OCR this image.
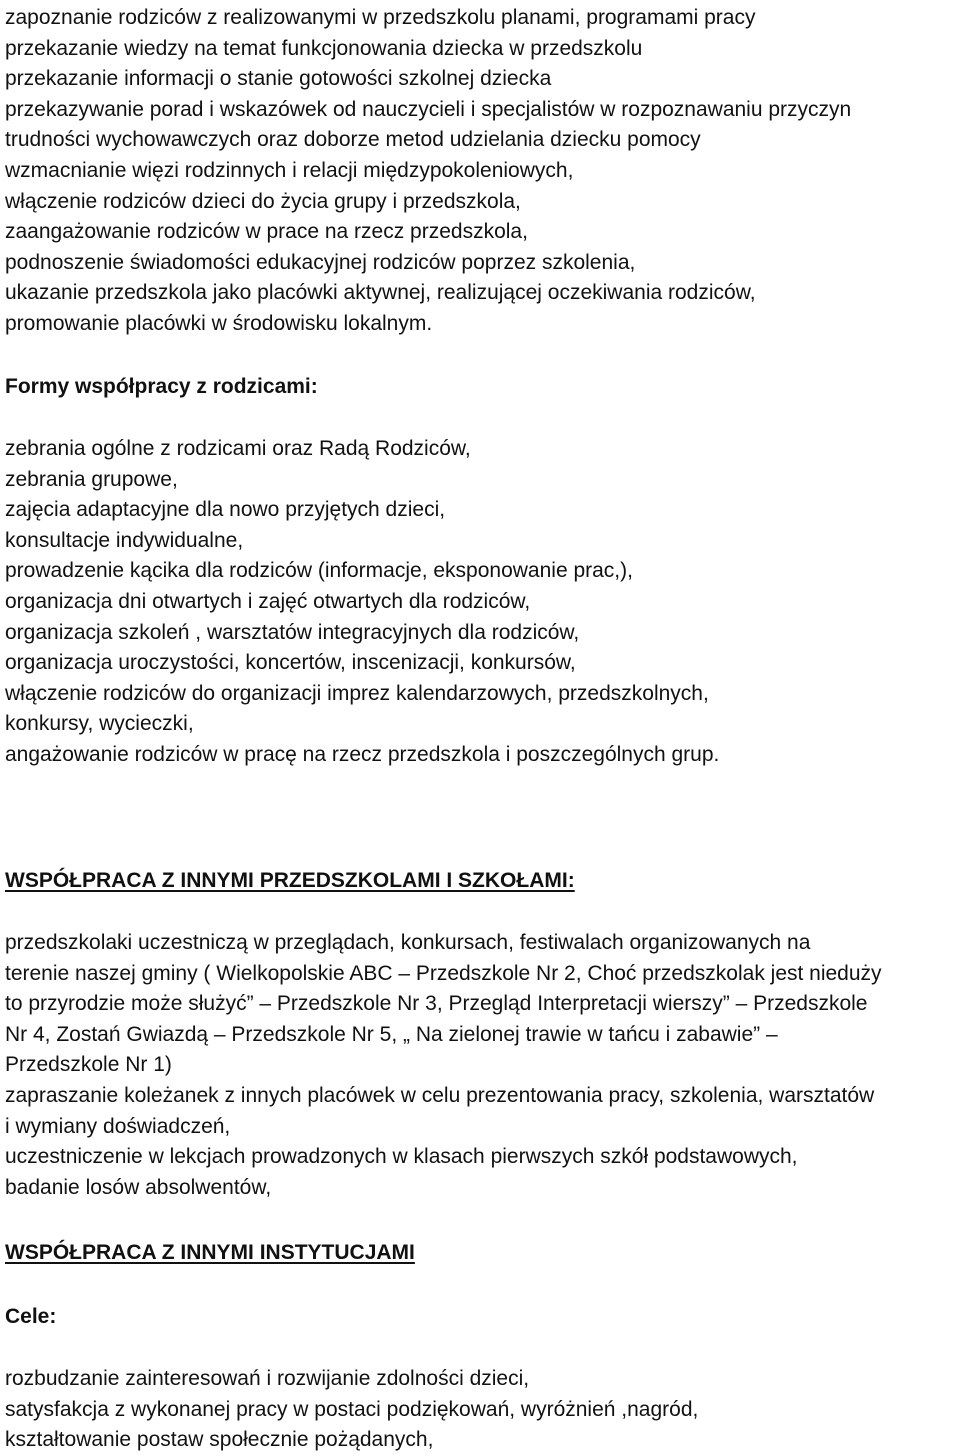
zapoznanie rodziców z realizowanymi w przedszkolu planami, programami pracy

przekazanie wiedzy na temat funkcjonowania dziecka w przedszkolu

przekazanie informacji o stanie gotowości szkolnej dziecka

przekazywanie porad i wskazówek od nauczycieli i specjalistów w rozpoznawaniu przyczyn

trudności wychowawczych oraz doborze metod udzielania dziecku pomocy

wzmacnianie więzi rodzinnych i relacji międzypokoleniowych,

włączenie rodziców dzieci do życia grupy i przedszkola,

zaangażowanie rodziców w prace na rzecz przedszkola,

podnoszenie świadomości edukacyjnej rodziców poprzez szkolenia,

ukazanie przedszkola jako placówki aktywnej, realizującej oczekiwania rodziców,

promowanie placówki w środowisku lokalnym.

Formy współpracy z rodzicami:

zebrania ogólne z rodzicami oraz Radą Rodziców,

zebrania grupowe,

zajęcia adaptacyjne dla nowo przyjętych dzieci,

konsultacje indywidualne,

prowadzenie kącika dla rodziców (informacje, eksponowanie prac,),

organizacja dni otwartych i zajęć otwartych dla rodziców,

organizacja szkoleń , warsztatów integracyjnych dla rodziców,

organizacja uroczystości, koncertów, inscenizacji, konkursów,

włączenie rodziców do organizacji imprez kalendarzowych, przedszkolnych,

konkursy, wycieczki,

angażowanie rodziców w pracę na rzecz przedszkola i poszczególnych grup.

WSPÓŁPRACA Z INNYMI PRZEDSZKOLAMI I SZKOŁAMI:

przedszkolaki uczestniczą w przeglądach, konkursach, festiwalach organizowanych na

terenie naszej gminy ( Wielkopolskie ABC – Przedszkole Nr 2, Choć przedszkolak jest nieduży

to przyrodzie może służyć” – Przedszkole Nr 3, Przegląd Interpretacji wierszy” – Przedszkole

Nr 4, Zostań Gwiazdą – Przedszkole Nr 5, „ Na zielonej trawie w tańcu i zabawie” –

Przedszkole Nr 1)

zapraszanie koleżanek z innych placówek w celu prezentowania pracy, szkolenia, warsztatów

i wymiany doświadczeń,

uczestniczenie w lekcjach prowadzonych w klasach pierwszych szkół podstawowych,

badanie losów absolwentów,

WSPÓŁPRACA Z INNYMI INSTYTUCJAMI

Cele:

rozbudzanie zainteresowań i rozwijanie zdolności dzieci,

satysfakcja z wykonanej pracy w postaci podziękowań, wyróżnień ,nagród,

kształtowanie postaw społecznie pożądanych,
